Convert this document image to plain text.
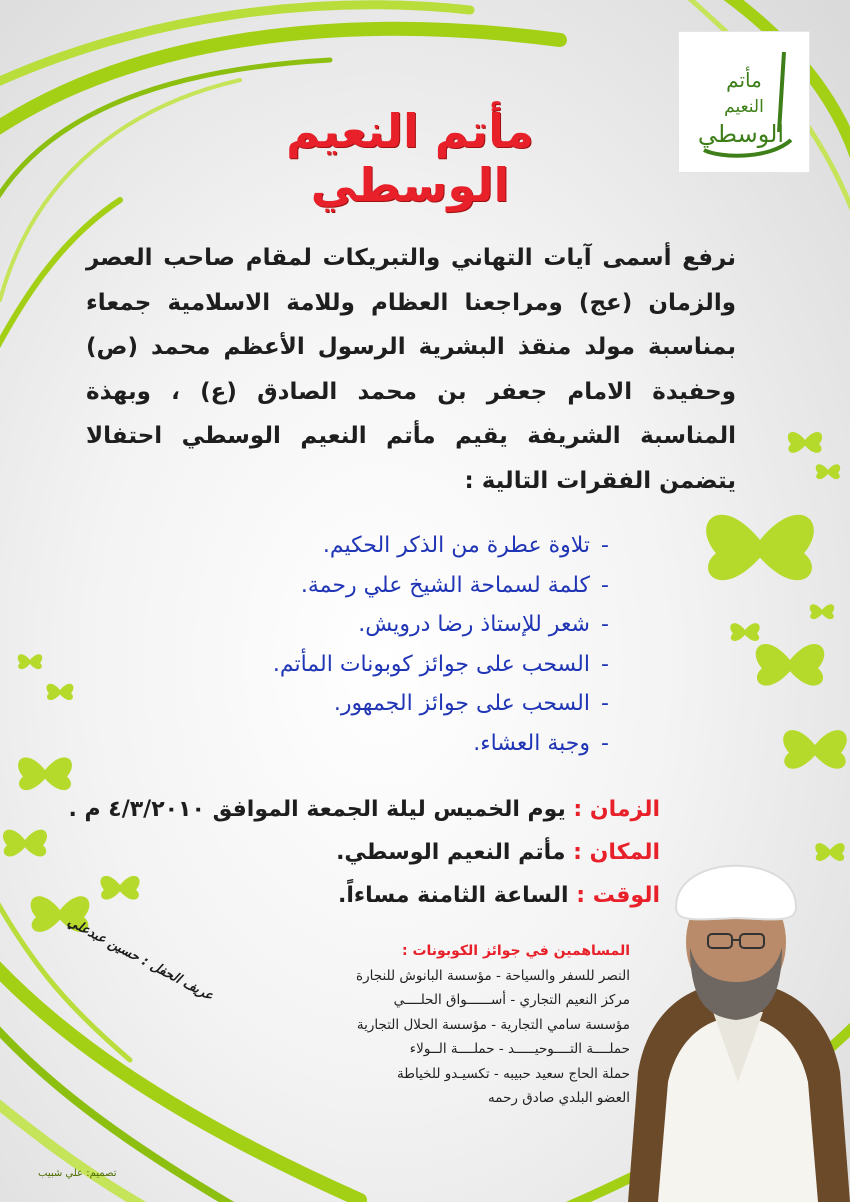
مأتم
النعيم
الوسطي
مأتم النعيم الوسطي
نرفع أسمى آيات التهاني والتبريكات لمقام صاحب العصر والزمان (عج) ومراجعنا العظام وللامة الاسلامية جمعاء بمناسبة مولد منقذ البشرية الرسول الأعظم محمد (ص) وحفيدة الامام جعفر بن محمد الصادق (ع) ، وبهذة المناسبة الشريفة يقيم مأتم النعيم الوسطي احتفالا يتضمن الفقرات التالية :
-تلاوة عطرة من الذكر الحكيم.
-كلمة لسماحة الشيخ علي رحمة.
-شعر للإستاذ رضا درويش.
-السحب على جوائز كوبونات المأتم.
-السحب على جوائز الجمهور.
-وجبة العشاء.
الزمان : يوم الخميس ليلة الجمعة الموافق ٤/٣/٢٠١٠ م .
المكان : مأتم النعيم الوسطي.
الوقت : الساعة الثامنة مساءاً.
المساهمين في جوائز الكوبونات :
النصر للسفر والسياحة - مؤسسة البانوش للنجارة
مركز النعيم التجاري - أســــــواق الحلــــي
مؤسسة سامي التجارية - مؤسسة الحلال التجارية
حملــــة التــــوحيـــــد - حملــــة الــولاء
حملة الحاج سعيد حبيبه - تكسيـدو للخياطة
العضو البلدي صادق رحمه
عريف الحفل : حسين عبدعلي
تصميم: علي شبيب
